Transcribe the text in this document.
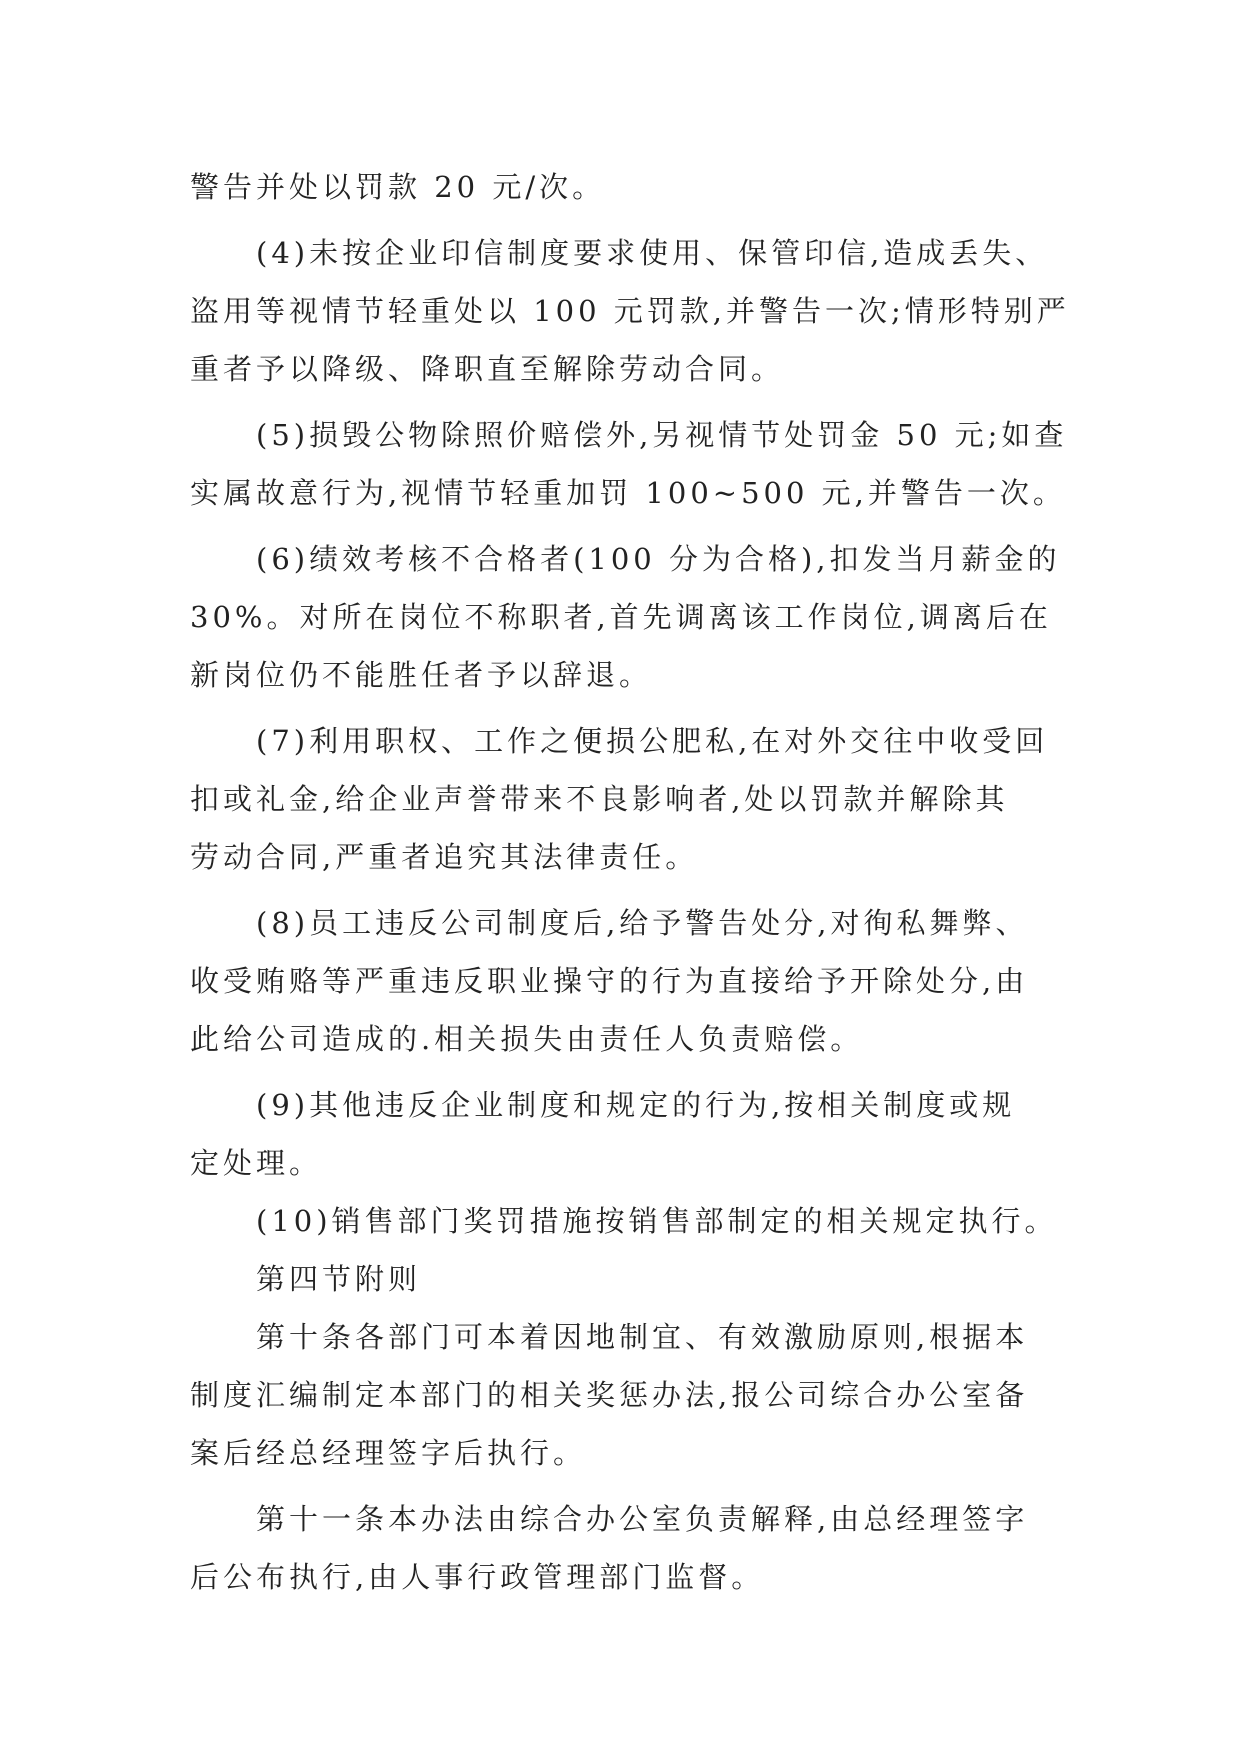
警告并处以罚款 20 元/次。
(4)未按企业印信制度要求使用、保管印信,造成丢失、
盗用等视情节轻重处以 100 元罚款,并警告一次;情形特别严
重者予以降级、降职直至解除劳动合同。
(5)损毁公物除照价赔偿外,另视情节处罚金 50 元;如查
实属故意行为,视情节轻重加罚 100~500 元,并警告一次。
(6)绩效考核不合格者(100 分为合格),扣发当月薪金的
30%。对所在岗位不称职者,首先调离该工作岗位,调离后在
新岗位仍不能胜任者予以辞退。
(7)利用职权、工作之便损公肥私,在对外交往中收受回
扣或礼金,给企业声誉带来不良影响者,处以罚款并解除其
劳动合同,严重者追究其法律责任。
(8)员工违反公司制度后,给予警告处分,对徇私舞弊、
收受贿赂等严重违反职业操守的行为直接给予开除处分,由
此给公司造成的.相关损失由责任人负责赔偿。
(9)其他违反企业制度和规定的行为,按相关制度或规
定处理。
(10)销售部门奖罚措施按销售部制定的相关规定执行。
第四节附则
第十条各部门可本着因地制宜、有效激励原则,根据本
制度汇编制定本部门的相关奖惩办法,报公司综合办公室备
案后经总经理签字后执行。
第十一条本办法由综合办公室负责解释,由总经理签字
后公布执行,由人事行政管理部门监督。
